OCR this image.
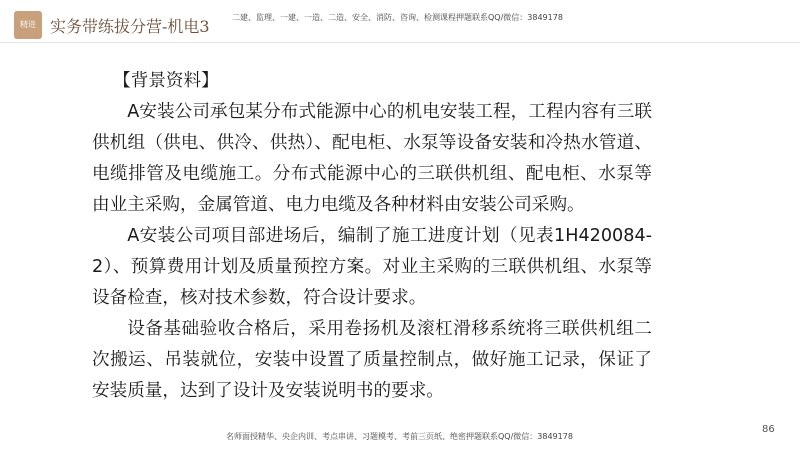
精进 实务带练拔分营-机电3	二建、监理、一建、一造、二造、安全、消防、咨询、检测课程押题联系QQ/微信：3849178

【背景资料】

A安装公司承包某分布式能源中心的机电安装工程，工程内容有三联供机组（供电、供冷、供热）、配电柜、水泵等设备安装和冷热水管道、电缆排管及电缆施工。分布式能源中心的三联供机组、配电柜、水泵等由业主采购，金属管道、电力电缆及各种材料由安装公司采购。

A安装公司项目部进场后，编制了施工进度计划（见表1H420084-2）、预算费用计划及质量预控方案。对业主采购的三联供机组、水泵等设备检查，核对技术参数，符合设计要求。

设备基础验收合格后，采用卷扬机及滚杠滑移系统将三联供机组二次搬运、吊装就位，安装中设置了质量控制点，做好施工记录，保证了安装质量，达到了设计及安装说明书的要求。

86
名师面授精华、央企内训、考点串讲、习题模考、考前三页纸、绝密押题联系QQ/微信：3849178
